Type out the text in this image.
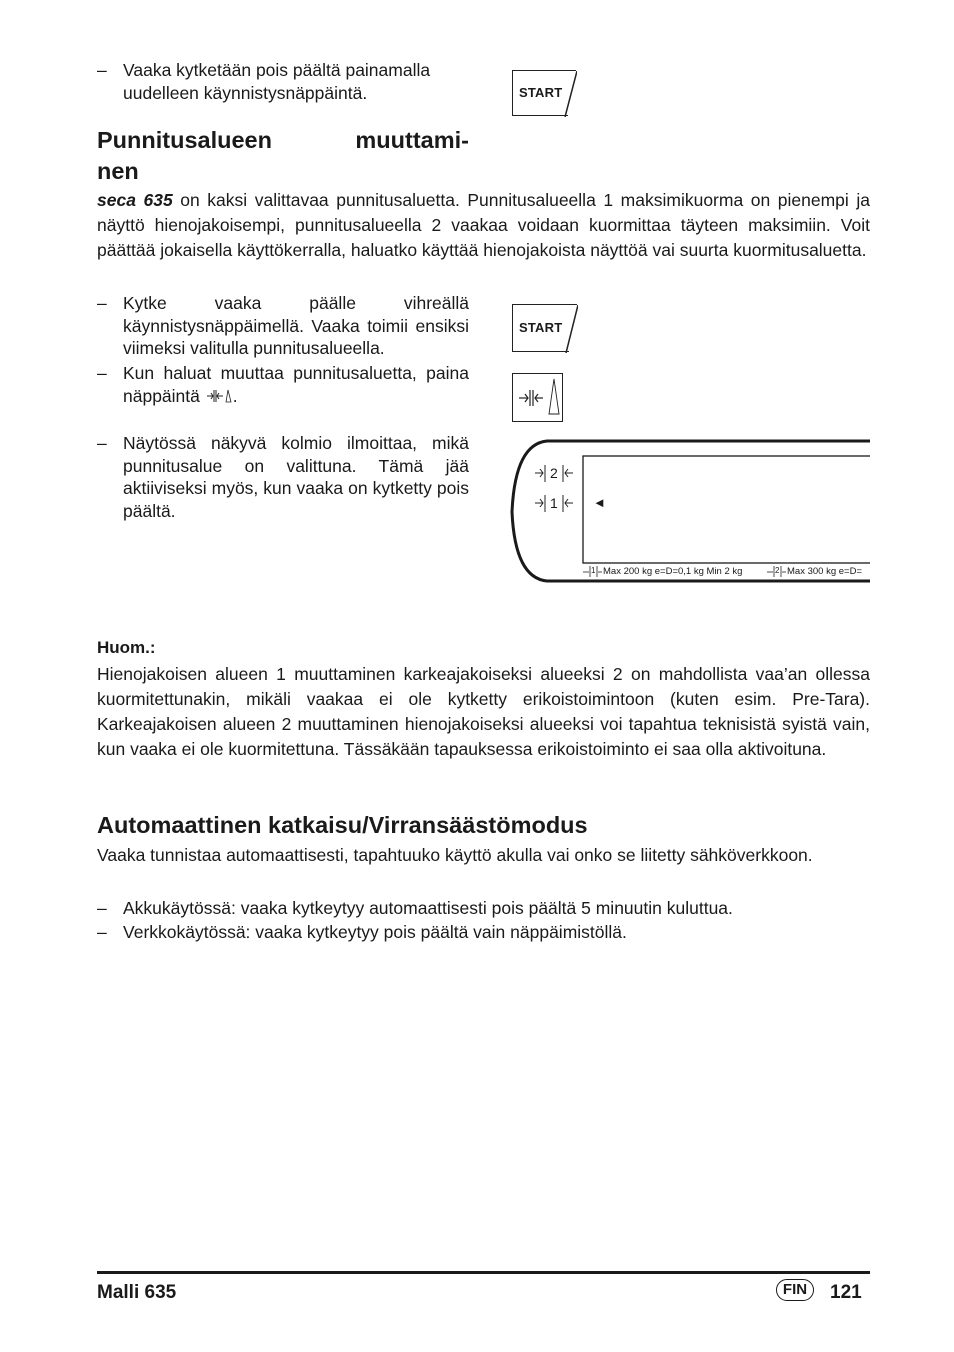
– Vaaka kytketään pois päältä painamalla uudelleen käynnistysnäppäintä.	START
Punnitusalueen muuttami-
nen
seca 635 on kaksi valittavaa punnitusaluetta. Punnitusalueella 1 maksimikuorma on pienempi ja näyttö hienojakoisempi, punnitusalueella 2 vaakaa voidaan kuormittaa täyteen maksimiin. Voit päättää jokaisella käyttökerralla, haluatko käyttää hienojakoista näyttöä vai suurta kuormitusaluetta.
– Kytke vaaka päälle vihreällä käynnistysnäppäimellä. Vaaka toimii ensiksi viimeksi valitulla punnitusalueella.
– Kun haluat muuttaa punnitusaluetta, paina näppäintä .
– Näytössä näkyvä kolmio ilmoittaa, mikä punnitusalue on valittuna. Tämä jää aktiiviseksi myös, kun vaaka on kytketty pois päältä.
START
2
1	◄
1 Max 200 kg e=D=0,1 kg Min 2 kg	2 Max 300 kg e=D=
Huom.:
Hienojakoisen alueen 1 muuttaminen karkeajakoiseksi alueeksi 2 on mahdollista vaa’an ollessa kuormitettunakin, mikäli vaakaa ei ole kytketty erikoistoimintoon (kuten esim. Pre-Tara). Karkeajakoisen alueen 2 muuttaminen hienojakoiseksi alueeksi voi tapahtua teknisistä syistä vain, kun vaaka ei ole kuormitettuna. Tässäkään tapauksessa erikoistoiminto ei saa olla aktivoituna.
Automaattinen katkaisu/Virransäästömodus
Vaaka tunnistaa automaattisesti, tapahtuuko käyttö akulla vai onko se liitetty sähköverkkoon.
– Akkukäytössä: vaaka kytkeytyy automaattisesti pois päältä 5 minuutin kuluttua.
– Verkkokäytössä: vaaka kytkeytyy pois päältä vain näppäimistöllä.
Malli 635	FIN	121
